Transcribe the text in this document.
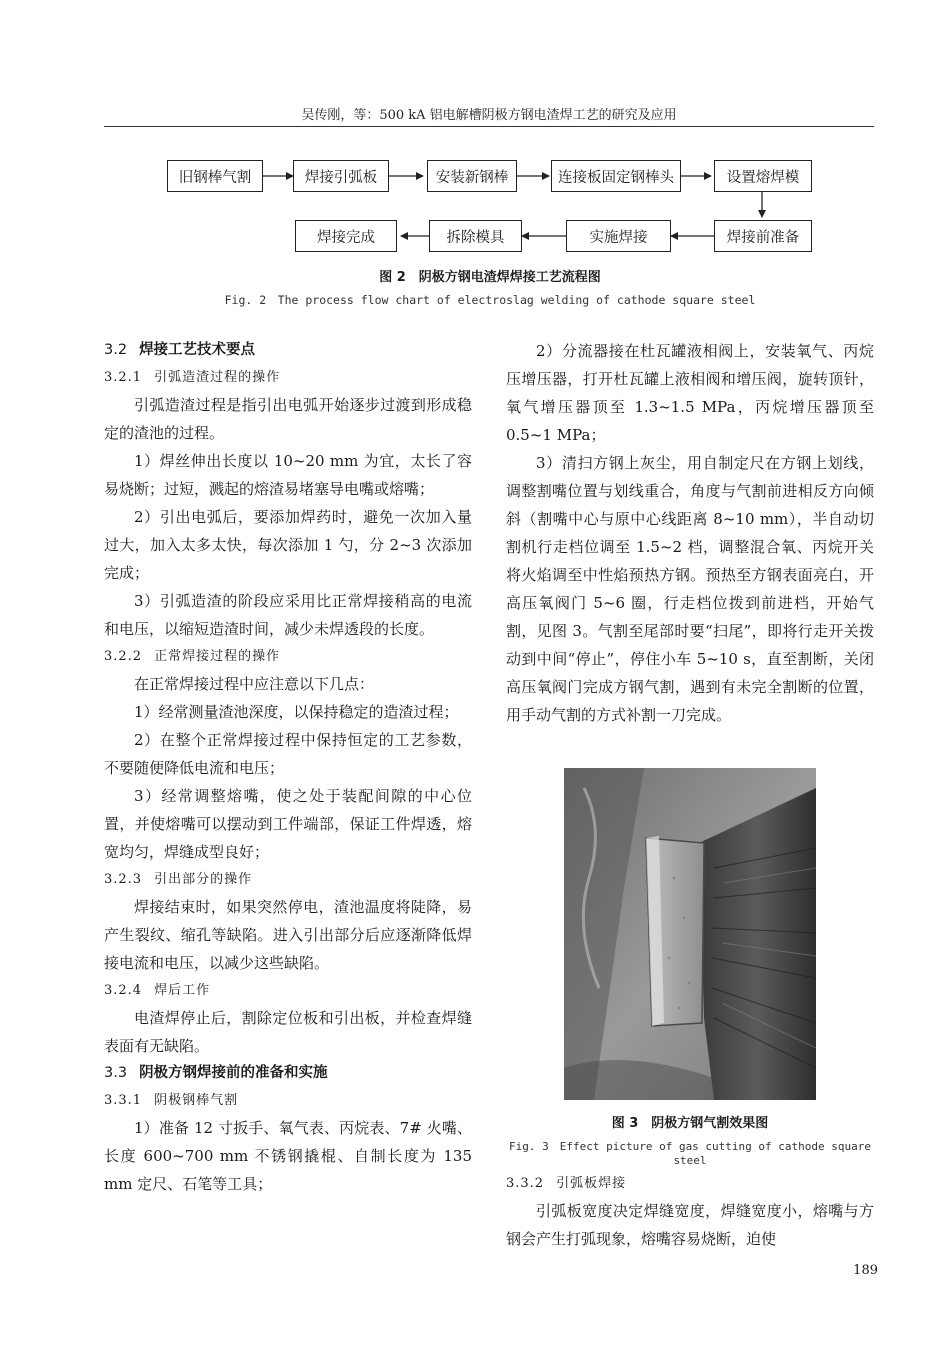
吴传刚，等：500 kA 铝电解槽阴极方钢电渣焊工艺的研究及应用
旧钢棒气割	焊接引弧板	安装新钢棒	连接板固定钢棒头	设置熔焊模
焊接前准备
实施焊接
拆除模具
焊接完成
图 2　阴极方钢电渣焊焊接工艺流程图
Fig. 2　The process flow chart of electroslag welding of cathode square steel
3.2 焊接工艺技术要点
3.2.1 引弧造渣过程的操作

引弧造渣过程是指引出电弧开始逐步过渡到形成稳定的渣池的过程。

1）焊丝伸出长度以 10~20 mm 为宜，太长了容易烧断；过短，溅起的熔渣易堵塞导电嘴或熔嘴；

2）引出电弧后，要添加焊药时，避免一次加入量过大，加入太多太快，每次添加 1 勺，分 2~3 次添加完成；

3）引弧造渣的阶段应采用比正常焊接稍高的电流和电压，以缩短造渣时间，减少未焊透段的长度。

3.2.2 正常焊接过程的操作

在正常焊接过程中应注意以下几点：

1）经常测量渣池深度，以保持稳定的造渣过程；

2）在整个正常焊接过程中保持恒定的工艺参数，不要随便降低电流和电压；

3）经常调整熔嘴，使之处于装配间隙的中心位置，并使熔嘴可以摆动到工件端部，保证工件焊透，熔宽均匀，焊缝成型良好；

3.2.3 引出部分的操作

焊接结束时，如果突然停电，渣池温度将陡降，易产生裂纹、缩孔等缺陷。进入引出部分后应逐渐降低焊接电流和电压，以减少这些缺陷。

3.2.4 焊后工作

电渣焊停止后，割除定位板和引出板，并检查焊缝表面有无缺陷。

3.3 阴极方钢焊接前的准备和实施
3.3.1 阴极钢棒气割

1）准备 12 寸扳手、氧气表、丙烷表、7# 火嘴、长度 600~700 mm 不锈钢撬棍、自制长度为 135 mm 定尺、石笔等工具；

2）分流器接在杜瓦罐液相阀上，安装氧气、丙烷压增压器，打开杜瓦罐上液相阀和增压阀，旋转顶针，氧气增压器顶至 1.3~1.5 MPa，丙烷增压器顶至 0.5~1 MPa；

3）清扫方钢上灰尘，用自制定尺在方钢上划线，调整割嘴位置与划线重合，角度与气割前进相反方向倾斜（割嘴中心与原中心线距离 8~10 mm），半自动切割机行走档位调至 1.5~2 档，调整混合氧、丙烷开关将火焰调至中性焰预热方钢。预热至方钢表面亮白，开高压氧阀门 5~6 圈，行走档位拨到前进档，开始气割，见图 3。气割至尾部时要“扫尾”，即将行走开关拨动到中间“停止”，停住小车 5~10 s，直至割断，关闭高压氧阀门完成方钢气割，遇到有未完全割断的位置，用手动气割的方式补割一刀完成。

图 3　阴极方钢气割效果图
Fig. 3　Effect picture of gas cutting of cathode square steel
3.3.2 引弧板焊接

引弧板宽度决定焊缝宽度，焊缝宽度小，熔嘴与方钢会产生打弧现象，熔嘴容易烧断，迫使

189
